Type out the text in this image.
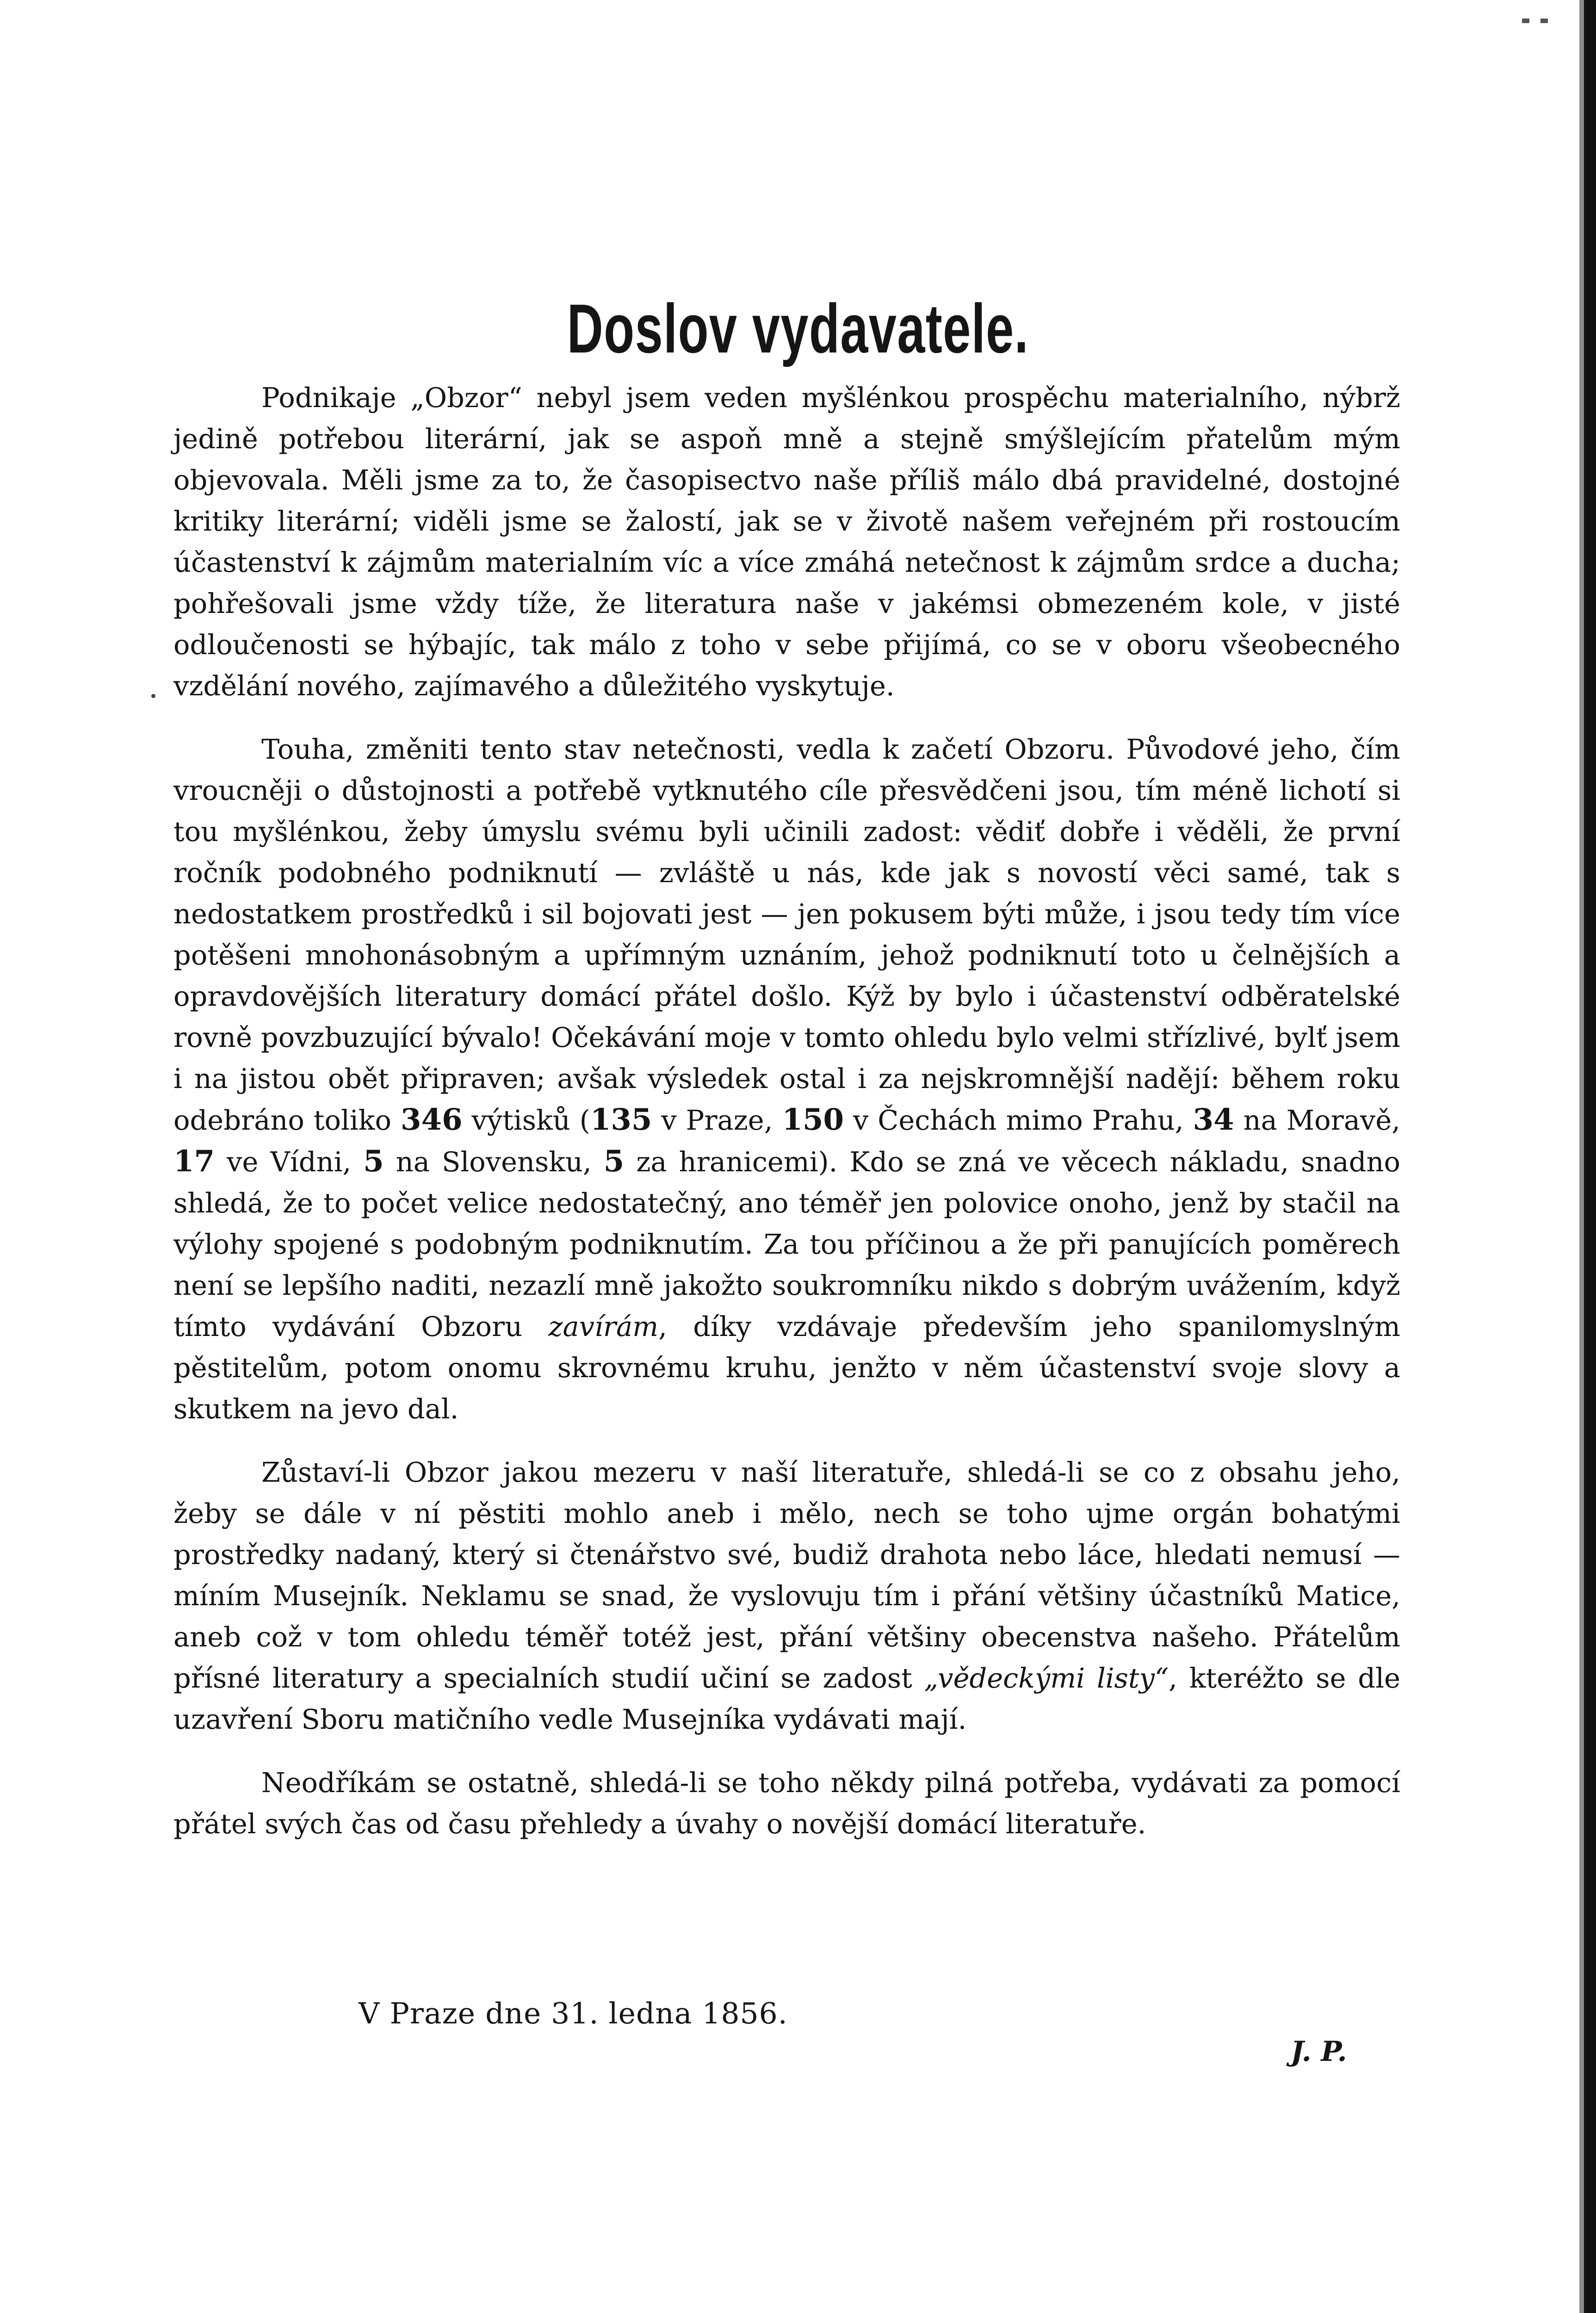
Doslov vydavatele.

Podnikaje „Obzor“ nebyl jsem veden myšlénkou prospěchu materialního, nýbrž jedině potřebou literární, jak se aspoň mně a stejně smýšlejícím přatelům mým objevovala. Měli jsme za to, že časopisectvo naše příliš málo dbá pravidelné, dostojné kritiky literární; viděli jsme se žalostí, jak se v životě našem veřejném při rostoucím účastenství k zájmům materialním víc a více zmáhá netečnost k zájmům srdce a ducha; pohřešovali jsme vždy tíže, že literatura naše v jakémsi obmezeném kole, v jisté odloučenosti se hýbajíc, tak málo z toho v sebe přijímá, co se v oboru všeobecného vzdělání nového, zajímavého a důležitého vyskytuje.

Touha, změniti tento stav netečnosti, vedla k začetí Obzoru. Původové jeho, čím vroucněji o důstojnosti a potřebě vytknutého cíle přesvědčeni jsou, tím méně lichotí si tou myšlénkou, žeby úmyslu svému byli učinili zadost: vědiť dobře i věděli, že první ročník podobného podniknutí — zvláště u nás, kde jak s novostí věci samé, tak s nedostatkem prostředků i sil bojovati jest — jen pokusem býti může, i jsou tedy tím více potěšeni mnohonásobným a upřímným uznáním, jehož podniknutí toto u čelnějších a opravdovějších literatury domácí přátel došlo. Kýž by bylo i účastenství odběratelské rovně povzbuzující bývalo! Očekávání moje v tomto ohledu bylo velmi střízlivé, bylť jsem i na jistou obět připraven; avšak výsledek ostal i za nejskromnější nadějí: během roku odebráno toliko 346 výtisků (135 v Praze, 150 v Čechách mimo Prahu, 34 na Moravě, 17 ve Vídni, 5 na Slovensku, 5 za hranicemi). Kdo se zná ve věcech nákladu, snadno shledá, že to počet velice nedostatečný, ano téměř jen polovice onoho, jenž by stačil na výlohy spojené s podobným podniknutím. Za tou příčinou a že při panujících poměrech není se lepšího naditi, nezazlí mně jakožto soukromníku nikdo s dobrým uvážením, když tímto vydávání Obzoru zavírám, díky vzdávaje především jeho spanilomyslným pěstitelům, potom onomu skrovnému kruhu, jenžto v něm účastenství svoje slovy a skutkem na jevo dal.

Zůstaví-li Obzor jakou mezeru v naší literatuře, shledá-li se co z obsahu jeho, žeby se dále v ní pěstiti mohlo aneb i mělo, nech se toho ujme orgán bohatými prostředky nadaný, který si čtenářstvo své, budiž drahota nebo láce, hledati nemusí — míním Musejník. Neklamu se snad, že vyslovuju tím i přání většiny účastníků Matice, aneb což v tom ohledu téměř totéž jest, přání většiny obecenstva našeho. Přátelům přísné literatury a specialních studií učiní se zadost „vědeckými listy“, kteréžto se dle uzavření Sboru matičního vedle Musejníka vydávati mají.

Neodříkám se ostatně, shledá-li se toho někdy pilná potřeba, vydávati za pomocí přátel svých čas od času přehledy a úvahy o novější domácí literatuře.

V Praze dne 31. ledna 1856.

J. P.
